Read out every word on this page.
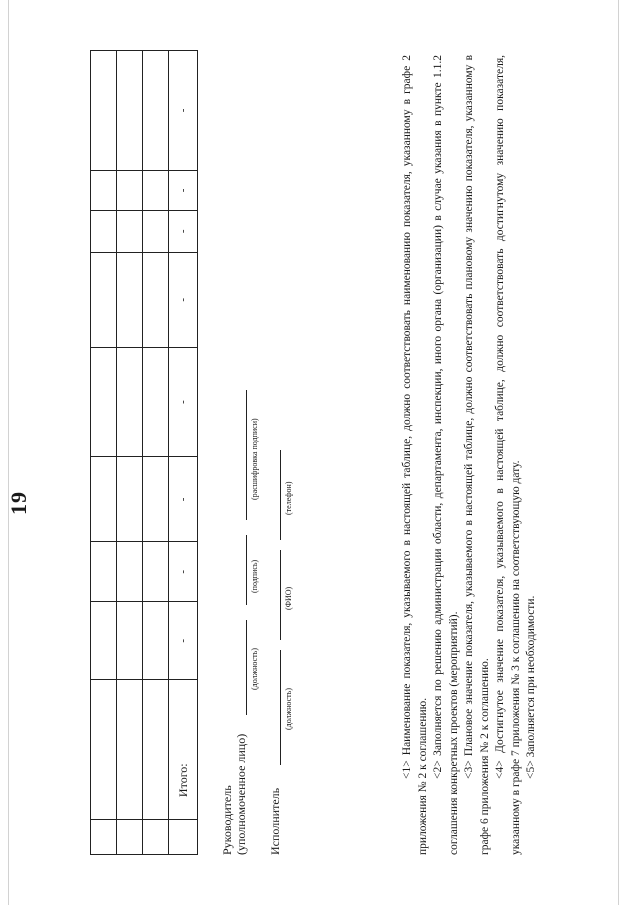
19

	Итого:	-	-	-	-	-	-	-	-
Руководитель (уполномоченное лицо)
(должность)
(подпись)
(расшифровка подписи)
Исполнитель
(должность)
(ФИО)
(телефон)	<1> Наименование показателя, указываемого в настоящей таблице, должно соответствовать наименованию показателя, указанному в графе 2 приложения № 2 к соглашению. <2> Заполняется по решению администрации области, департамента, инспекции, иного органа (организации) в случае указания в пункте 1.1.2 соглашения конкретных проектов (мероприятий). <3> Плановое значение показателя, указываемого в настоящей таблице, должно соответствовать плановому значению показателя, указанному в графе 6 приложения № 2 к соглашению. <4> Достигнутое значение показателя, указываемого в настоящей таблице, должно соответствовать достигнутому значению показателя, указанному в графе 7 приложения № 3 к соглашению на соответствующую дату. <5> Заполняется при необходимости.
